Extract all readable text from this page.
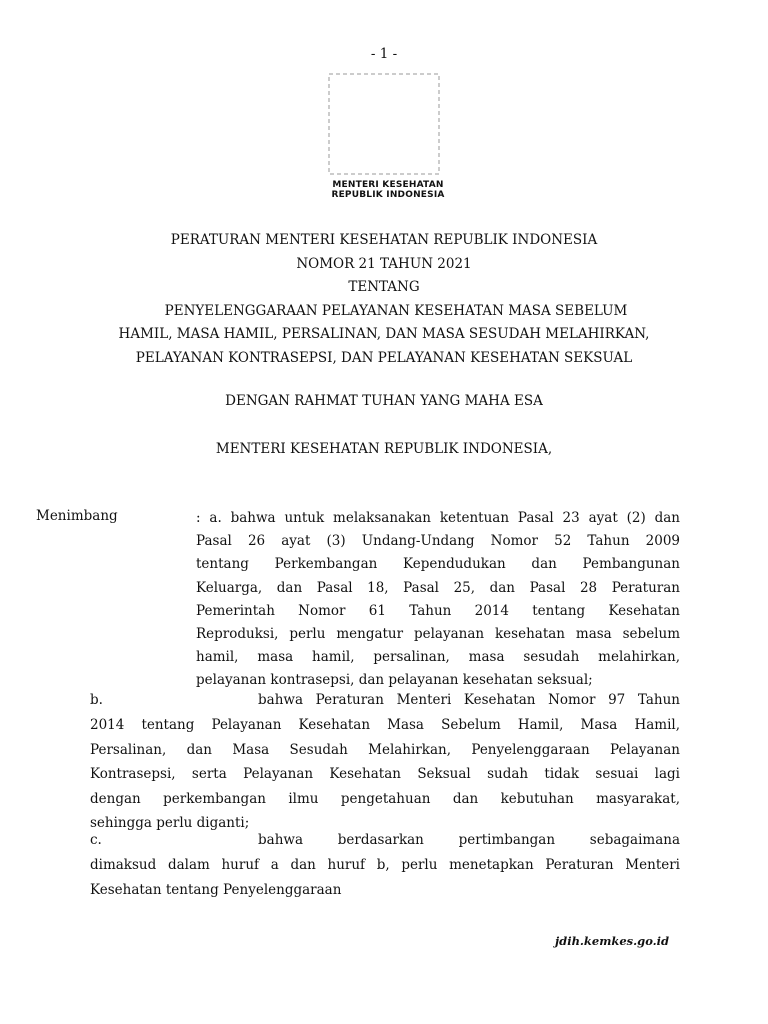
- 1 -
MENTERI KESEHATAN
REPUBLIK INDONESIA
PERATURAN MENTERI KESEHATAN REPUBLIK INDONESIA
NOMOR 21 TAHUN 2021
TENTANG
PENYELENGGARAAN PELAYANAN KESEHATAN MASA SEBELUM
HAMIL, MASA HAMIL, PERSALINAN, DAN MASA SESUDAH MELAHIRKAN,
PELAYANAN KONTRASEPSI, DAN PELAYANAN KESEHATAN SEKSUAL
DENGAN RAHMAT TUHAN YANG MAHA ESA
MENTERI KESEHATAN REPUBLIK INDONESIA,
Menimbang	: a. bahwa untuk melaksanakan ketentuan Pasal 23 ayat (2) dan
Pasal 26 ayat (3) Undang-Undang Nomor 52 Tahun 2009
tentang Perkembangan Kependudukan dan Pembangunan
Keluarga, dan Pasal 18, Pasal 25, dan Pasal 28 Peraturan
Pemerintah Nomor 61 Tahun 2014 tentang Kesehatan
Reproduksi, perlu mengatur pelayanan kesehatan masa sebelum
hamil, masa hamil, persalinan, masa sesudah melahirkan,
pelayanan kontrasepsi, dan pelayanan kesehatan seksual;
b.	bahwa Peraturan Menteri Kesehatan Nomor 97 Tahun
2014 tentang Pelayanan Kesehatan Masa Sebelum Hamil, Masa Hamil,
Persalinan, dan Masa Sesudah Melahirkan, Penyelenggaraan Pelayanan
Kontrasepsi, serta Pelayanan Kesehatan Seksual sudah tidak sesuai lagi
dengan perkembangan ilmu pengetahuan dan kebutuhan masyarakat,
sehingga perlu diganti;
c.	bahwa berdasarkan pertimbangan sebagaimana
dimaksud dalam huruf a dan huruf b, perlu menetapkan Peraturan Menteri
Kesehatan tentang Penyelenggaraan
jdih.kemkes.go.id
